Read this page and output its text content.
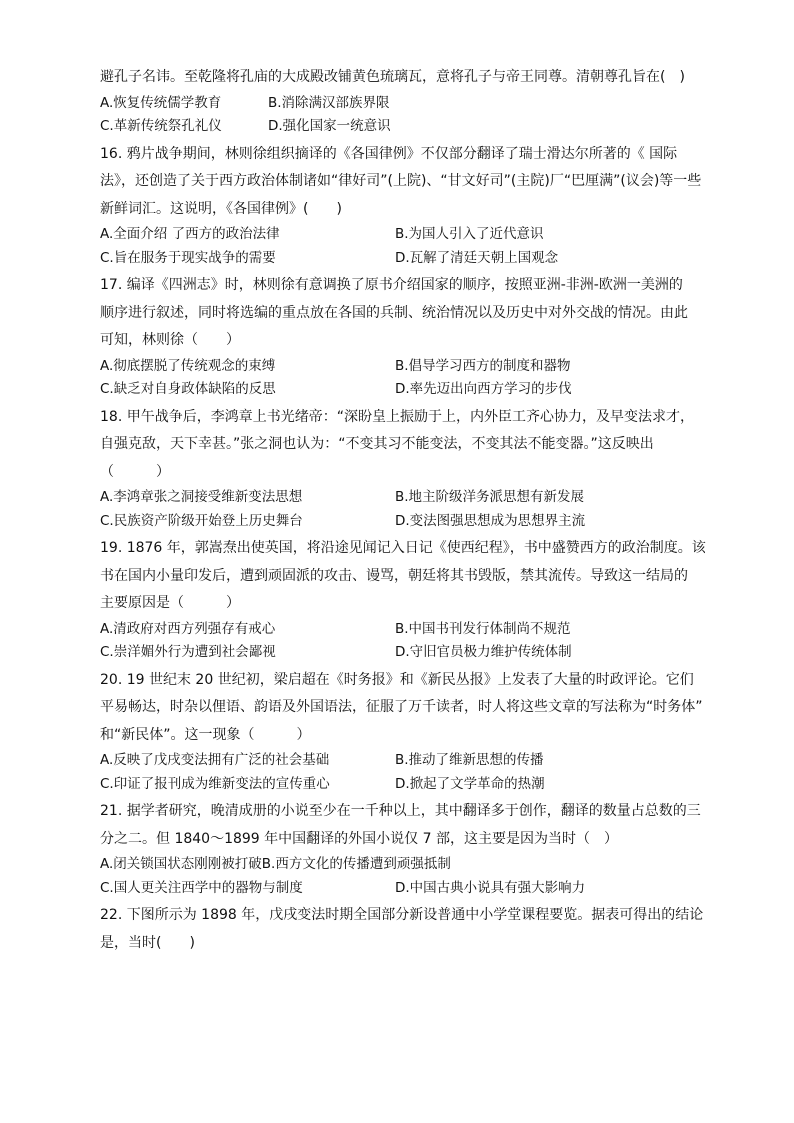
避孔子名讳。至乾隆将孔庙的大成殿改铺黄色琉璃瓦，意将孔子与帝王同尊。清朝尊孔旨在(　)
A.恢复传统儒学教育	B.消除满汉部族界限
C.革新传统祭孔礼仪	D.强化国家一统意识
16. 鸦片战争期间，林则徐组织摘译的《各国律例》不仅部分翻译了瑞士滑达尔所著的《 国际
法》，还创造了关于西方政治体制诸如“律好司”(上院)、“甘文好司”(主院)厂“巴厘满”(议会)等一些
新鲜词汇。这说明，《各国律例》(　　)
A.全面介绍 了西方的政治法律	B.为国人引入了近代意识
C.旨在服务于现实战争的需要	D.瓦解了清廷天朝上国观念
17. 编译《四洲志》时，林则徐有意调换了原书介绍国家的顺序，按照亚洲-非洲-欧洲一美洲的
顺序进行叙述，同时将选编的重点放在各国的兵制、统治情况以及历史中对外交战的情况。由此
可知，林则徐（　　）
A.彻底摆脱了传统观念的束缚	B.倡导学习西方的制度和器物
C.缺乏对自身政体缺陷的反思	D.率先迈出向西方学习的步伐
18. 甲午战争后，李鸿章上书光绪帝：“深盼皇上振励于上，内外臣工齐心协力，及早变法求才，
自强克敌，天下幸甚。”张之洞也认为：“不变其习不能变法，不变其法不能变器。”这反映出
（　　　）
A.李鸿章张之洞接受维新变法思想	B.地主阶级洋务派思想有新发展
C.民族资产阶级开始登上历史舞台	D.变法图强思想成为思想界主流
19. 1876 年，郭嵩焘出使英国，将沿途见闻记入日记《使西纪程》，书中盛赞西方的政治制度。该
书在国内小量印发后，遭到顽固派的攻击、谩骂，朝廷将其书毁版，禁其流传。导致这一结局的
主要原因是（　　　）
A.清政府对西方列强存有戒心	B.中国书刊发行体制尚不规范
C.崇洋媚外行为遭到社会鄙视	D.守旧官员极力维护传统体制
20. 19 世纪末 20 世纪初，梁启超在《时务报》和《新民丛报》上发表了大量的时政评论。它们
平易畅达，时杂以俚语、韵语及外国语法，征服了万千读者，时人将这些文章的写法称为“时务体”
和“新民体”。这一现象（　　　）
A.反映了戊戌变法拥有广泛的社会基础	B.推动了维新思想的传播
C.印证了报刊成为维新变法的宣传重心	D.掀起了文学革命的热潮
21. 据学者研究，晚清成册的小说至少在一千种以上，其中翻译多于创作，翻译的数量占总数的三
分之二。但 1840～1899 年中国翻译的外国小说仅 7 部，这主要是因为当时（　）
A.闭关锁国状态刚刚被打破B.西方文化的传播遭到顽强抵制
C.国人更关注西学中的器物与制度	D.中国古典小说具有强大影响力
22. 下图所示为 1898 年，戊戌变法时期全国部分新设普通中小学堂课程要览。据表可得出的结论
是，当时(　　)
